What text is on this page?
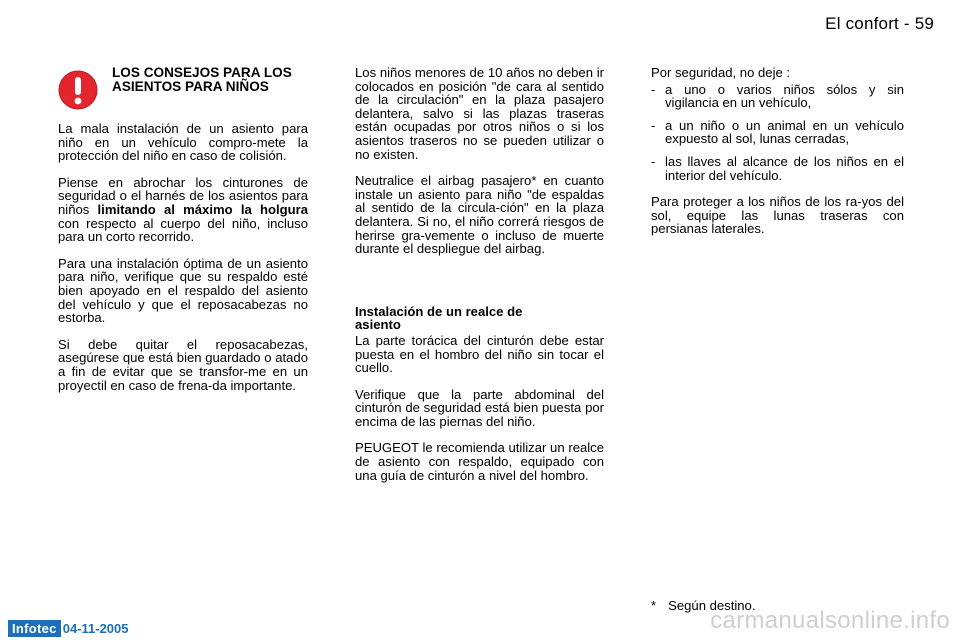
El confort - 59
LOS CONSEJOS PARA LOS ASIENTOS PARA NIÑOS

La mala instalación de un asiento para niño en un vehículo compro-mete la protección del niño en caso de colisión.

Piense en abrochar los cinturones de seguridad o el harnés de los asientos para niños limitando al máximo la holgura con respecto al cuerpo del niño, incluso para un corto recorrido.

Para una instalación óptima de un asiento para niño, verifique que su respaldo esté bien apoyado en el respaldo del asiento del vehículo y que el reposacabezas no estorba.

Si debe quitar el reposacabezas, asegúrese que está bien guardado o atado a fin de evitar que se transfor-me en un proyectil en caso de frena-da importante.

Los niños menores de 10 años no deben ir colocados en posición "de cara al sentido de la circulación" en la plaza pasajero delantera, salvo si las plazas traseras están ocupadas por otros niños o si los asientos traseros no se pueden utilizar o no existen.

Neutralice el airbag pasajero* en cuanto instale un asiento para niño "de espaldas al sentido de la circula-ción" en la plaza delantera. Si no, el niño correrá riesgos de herirse gra-vemente o incluso de muerte durante el despliegue del airbag.

Instalación de un realce de asiento

La parte torácica del cinturón debe estar puesta en el hombro del niño sin tocar el cuello.

Verifique que la parte abdominal del cinturón de seguridad está bien puesta por encima de las piernas del niño.

PEUGEOT le recomienda utilizar un realce de asiento con respaldo, equipado con una guía de cinturón a nivel del hombro.

Por seguridad, no deje :

- a uno o varios niños sólos y sin vigilancia en un vehículo,
- a un niño o un animal en un vehículo expuesto al sol, lunas cerradas,
- las llaves al alcance de los niños en el interior del vehículo.

Para proteger a los niños de los ra-yos del sol, equipe las lunas traseras con persianas laterales.

* Según destino.
Infotec 04-11-2005	carmanualsonline.info
